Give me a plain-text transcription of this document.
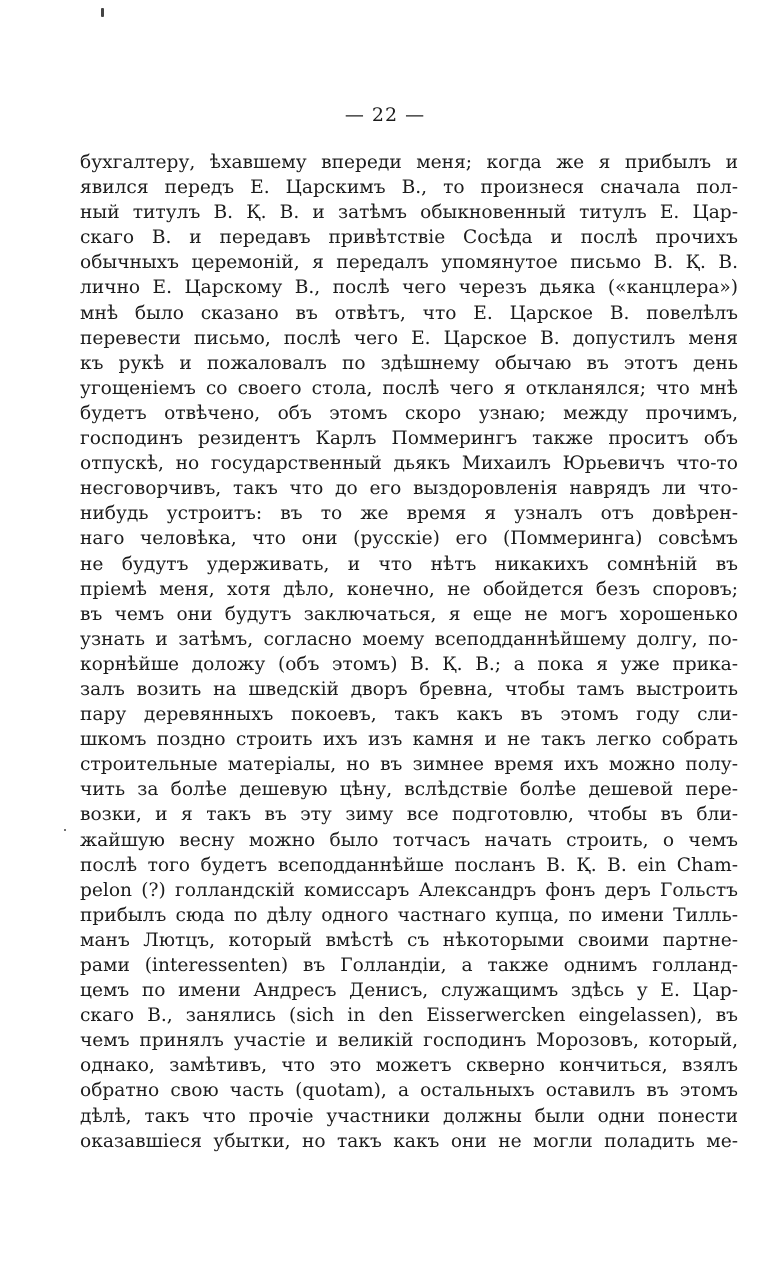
— 22 —
бухгалтеру, ѣхавшему впереди меня; когда же я прибылъ и
явился передъ Е. Царскимъ В., то произнеся сначала пол-
ный титулъ В. Қ. В. и затѣмъ обыкновенный титулъ Е. Цар-
скаго В. и передавъ привѣтствіе Сосѣда и послѣ прочихъ
обычныхъ церемоній, я передалъ упомянутое письмо В. Қ. В.
лично Е. Царскому В., послѣ чего черезъ дьяка («канцлера»)
мнѣ было сказано въ отвѣтъ, что Е. Царское В. повелѣлъ
перевести письмо, послѣ чего Е. Царское В. допустилъ меня
къ рукѣ и пожаловалъ по здѣшнему обычаю въ этотъ день
угощеніемъ со своего стола, послѣ чего я откланялся; что мнѣ
будетъ отвѣчено, объ этомъ скоро узнаю; между прочимъ,
господинъ резидентъ Карлъ Поммерингъ также проситъ объ
отпускѣ, но государственный дьякъ Михаилъ Юрьевичъ что-то
несговорчивъ, такъ что до его выздоровленія наврядъ ли что-
нибудь устроитъ: въ то же время я узналъ отъ довѣрен-
наго человѣка, что они (русскіе) его (Поммеринга) совсѣмъ
не будутъ удерживать, и что нѣтъ никакихъ сомнѣній въ
пріемѣ меня, хотя дѣло, конечно, не обойдется безъ споровъ;
въ чемъ они будутъ заключаться, я еще не могъ хорошенько
узнать и затѣмъ, согласно моему всеподданнѣйшему долгу, по-
корнѣйше доложу (объ этомъ) В. Қ. В.; а пока я уже прика-
залъ возить на шведскій дворъ бревна, чтобы тамъ выстроить
пару деревянныхъ покоевъ, такъ какъ въ этомъ году сли-
шкомъ поздно строить ихъ изъ камня и не такъ легко собрать
строительные матеріалы, но въ зимнее время ихъ можно полу-
чить за болѣе дешевую цѣну, вслѣдствіе болѣе дешевой пере-
возки, и я такъ въ эту зиму все подготовлю, чтобы въ бли-
жайшую весну можно было тотчасъ начать строить, о чемъ
послѣ того будетъ всеподданнѣйше посланъ В. Қ. В. ein Cham-
pelon (?) голландскій комиссаръ Александръ фонъ деръ Гольстъ
прибылъ сюда по дѣлу одного частнаго купца, по имени Тилль-
манъ Лютцъ, который вмѣстѣ съ нѣкоторыми своими партне-
рами (interessenten) въ Голландіи, а также однимъ голланд-
цемъ по имени Андресъ Денисъ, служащимъ здѣсь у Е. Цар-
скаго В., занялись (sich in den Eisserwercken eingelassen), въ
чемъ принялъ участіе и великій господинъ Морозовъ, который,
однако, замѣтивъ, что это можетъ скверно кончиться, взялъ
обратно свою часть (quotam), а остальныхъ оставилъ въ этомъ
дѣлѣ, такъ что прочіе участники должны были одни понести
оказавшіеся убытки, но такъ какъ они не могли поладить ме-
